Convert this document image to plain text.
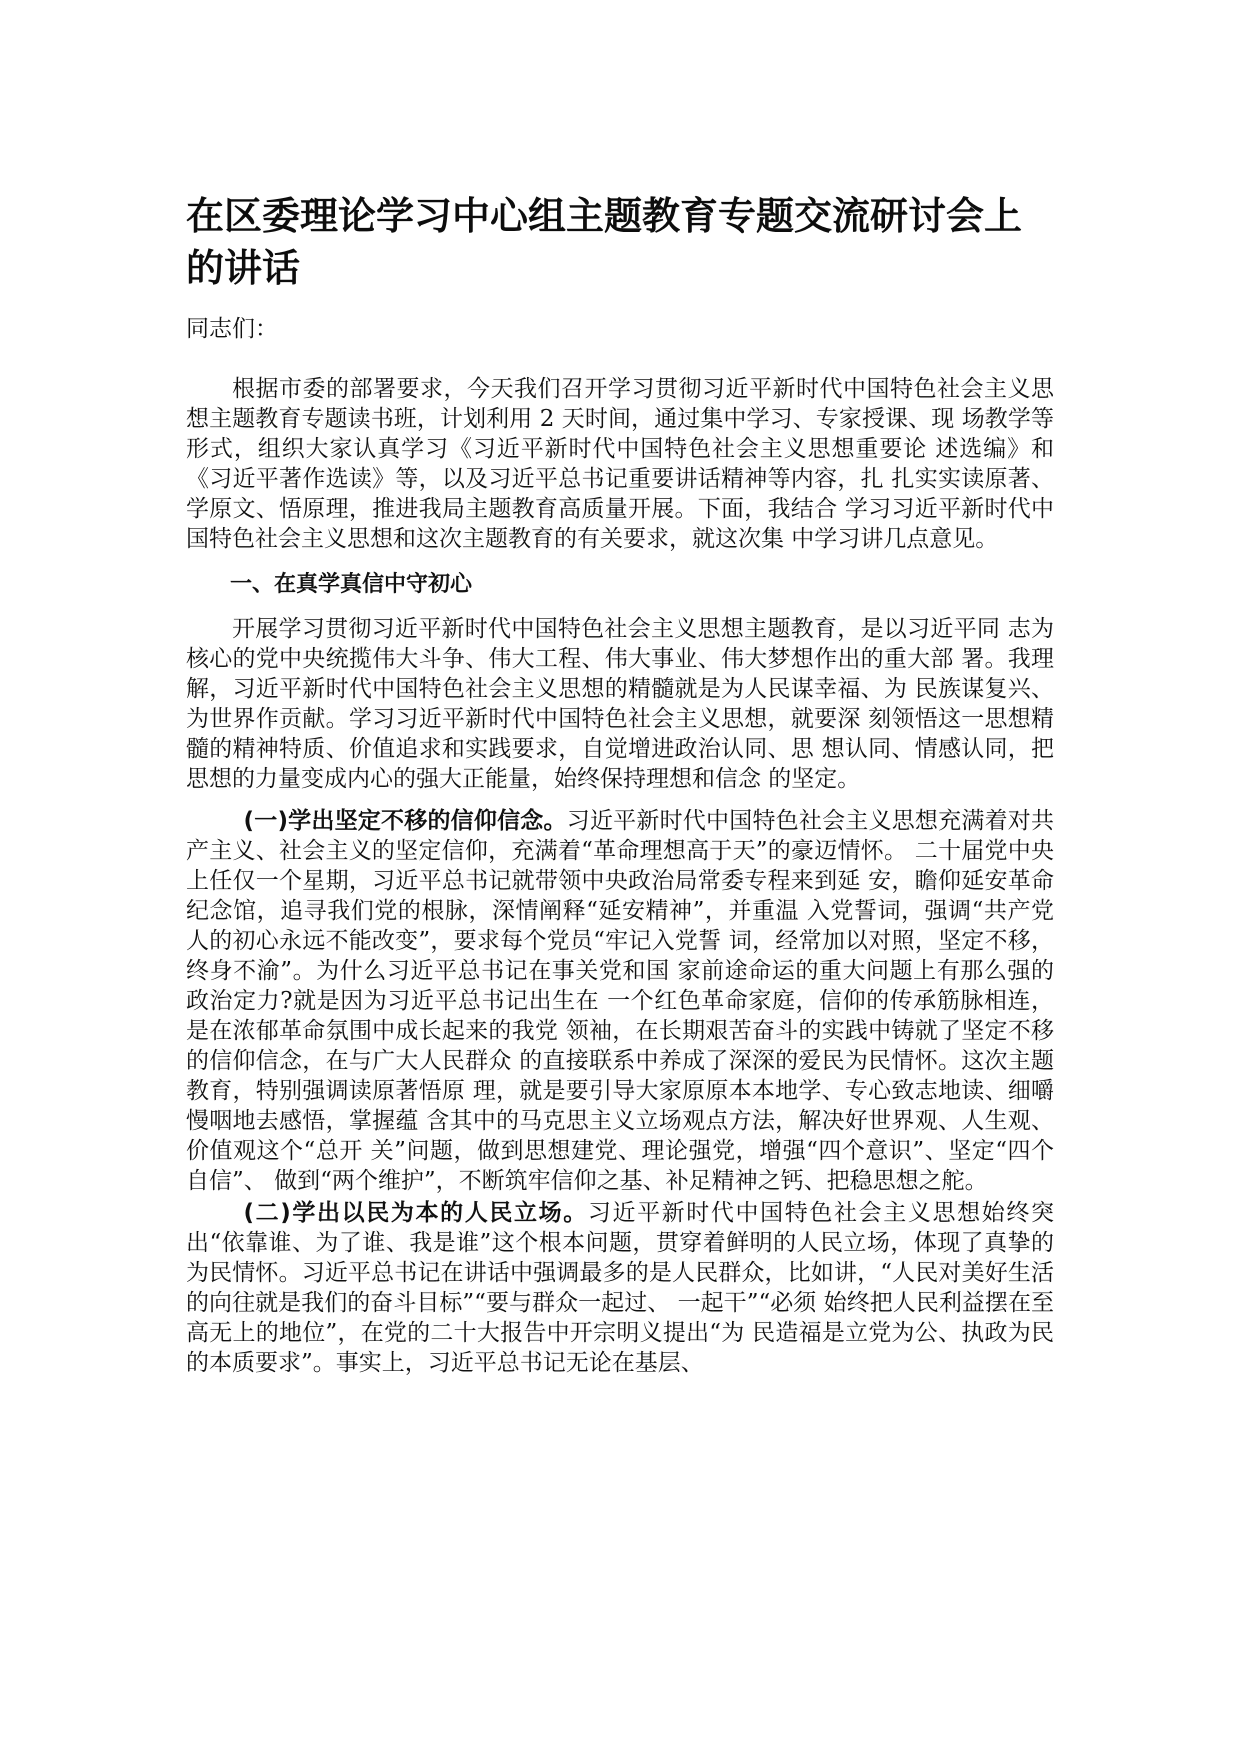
在区委理论学习中心组主题教育专题交流研讨会上的讲话

同志们：

根据市委的部署要求，今天我们召开学习贯彻习近平新时代中国特色社会主义思想主题教育专题读书班，计划利用 2 天时间，通过集中学习、专家授课、现 场教学等形式，组织大家认真学习《习近平新时代中国特色社会主义思想重要论 述选编》和《习近平著作选读》等，以及习近平总书记重要讲话精神等内容，扎 扎实实读原著、学原文、悟原理，推进我局主题教育高质量开展。下面，我结合 学习习近平新时代中国特色社会主义思想和这次主题教育的有关要求，就这次集 中学习讲几点意见。

一、在真学真信中守初心

开展学习贯彻习近平新时代中国特色社会主义思想主题教育，是以习近平同 志为核心的党中央统揽伟大斗争、伟大工程、伟大事业、伟大梦想作出的重大部 署。我理解，习近平新时代中国特色社会主义思想的精髓就是为人民谋幸福、为 民族谋复兴、为世界作贡献。学习习近平新时代中国特色社会主义思想，就要深 刻领悟这一思想精髓的精神特质、价值追求和实践要求，自觉增进政治认同、思 想认同、情感认同，把思想的力量变成内心的强大正能量，始终保持理想和信念 的坚定。

(一)学出坚定不移的信仰信念。习近平新时代中国特色社会主义思想充满着对共产主义、社会主义的坚定信仰，充满着“革命理想高于天”的豪迈情怀。 二十届党中央上任仅一个星期，习近平总书记就带领中央政治局常委专程来到延 安，瞻仰延安革命纪念馆，追寻我们党的根脉，深情阐释“延安精神”，并重温 入党誓词，强调“共产党人的初心永远不能改变”，要求每个党员“牢记入党誓 词，经常加以对照，坚定不移，终身不渝”。为什么习近平总书记在事关党和国 家前途命运的重大问题上有那么强的政治定力?就是因为习近平总书记出生在 一个红色革命家庭，信仰的传承筋脉相连，是在浓郁革命氛围中成长起来的我党 领袖，在长期艰苦奋斗的实践中铸就了坚定不移的信仰信念，在与广大人民群众 的直接联系中养成了深深的爱民为民情怀。这次主题教育，特别强调读原著悟原 理，就是要引导大家原原本本地学、专心致志地读、细嚼慢咽地去感悟，掌握蕴 含其中的马克思主义立场观点方法，解决好世界观、人生观、价值观这个“总开 关”问题，做到思想建党、理论强党，增强“四个意识”、坚定“四个自信”、 做到“两个维护”，不断筑牢信仰之基、补足精神之钙、把稳思想之舵。

(二)学出以民为本的人民立场。习近平新时代中国特色社会主义思想始终突出“依靠谁、为了谁、我是谁”这个根本问题，贯穿着鲜明的人民立场，体现了真挚的为民情怀。习近平总书记在讲话中强调最多的是人民群众，比如讲，“人民对美好生活的向往就是我们的奋斗目标”“要与群众一起过、 一起干”“必须 始终把人民利益摆在至高无上的地位”，在党的二十大报告中开宗明义提出“为 民造福是立党为公、执政为民的本质要求”。事实上，习近平总书记无论在基层、
